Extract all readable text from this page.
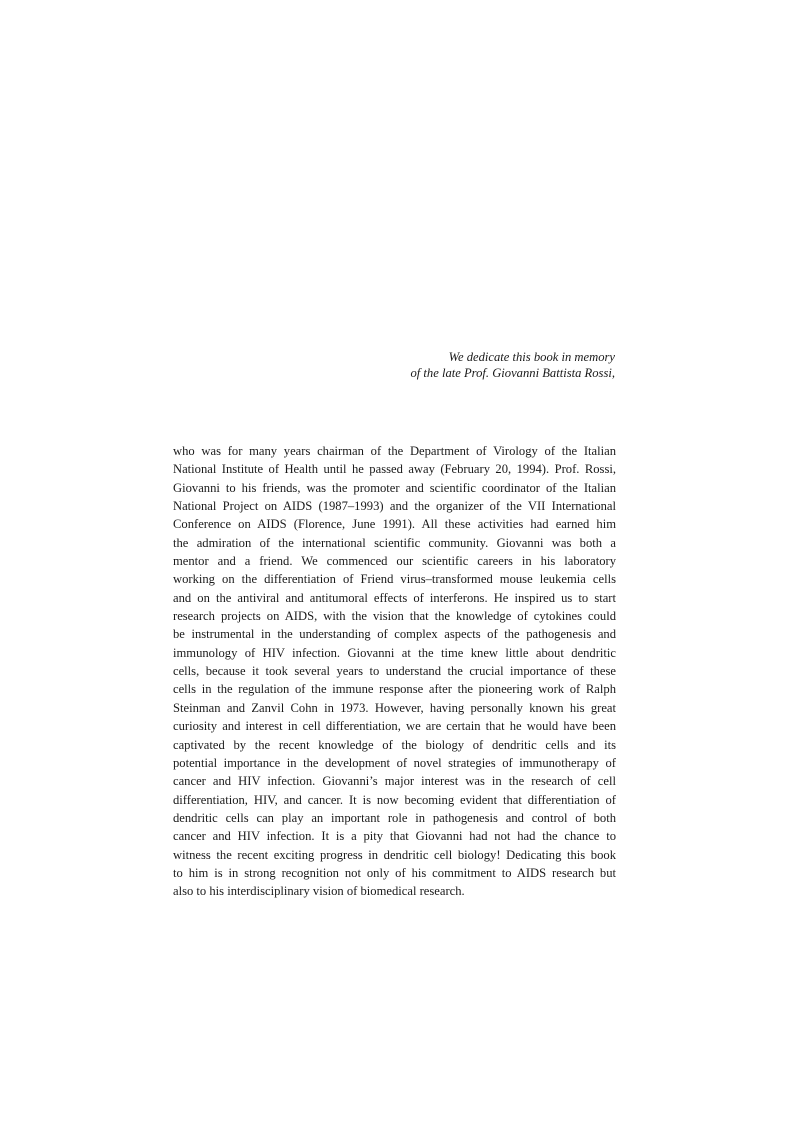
We dedicate this book in memory
of the late Prof. Giovanni Battista Rossi,
who was for many years chairman of the Department of Virology of the Italian
National Institute of Health until he passed away (February 20, 1994). Prof. Rossi,
Giovanni to his friends, was the promoter and scientific coordinator of the Italian
National Project on AIDS (1987–1993) and the organizer of the VII International
Conference on AIDS (Florence, June 1991). All these activities had earned him
the admiration of the international scientific community. Giovanni was both a
mentor and a friend. We commenced our scientific careers in his laboratory
working on the differentiation of Friend virus–transformed mouse leukemia cells
and on the antiviral and antitumoral effects of interferons. He inspired us to start
research projects on AIDS, with the vision that the knowledge of cytokines could
be instrumental in the understanding of complex aspects of the pathogenesis and
immunology of HIV infection. Giovanni at the time knew little about dendritic
cells, because it took several years to understand the crucial importance of these
cells in the regulation of the immune response after the pioneering work of Ralph
Steinman and Zanvil Cohn in 1973. However, having personally known his great
curiosity and interest in cell differentiation, we are certain that he would have been
captivated by the recent knowledge of the biology of dendritic cells and its
potential importance in the development of novel strategies of immunotherapy of
cancer and HIV infection. Giovanni’s major interest was in the research of cell
differentiation, HIV, and cancer. It is now becoming evident that differentiation of
dendritic cells can play an important role in pathogenesis and control of both
cancer and HIV infection. It is a pity that Giovanni had not had the chance to
witness the recent exciting progress in dendritic cell biology! Dedicating this book
to him is in strong recognition not only of his commitment to AIDS research but
also to his interdisciplinary vision of biomedical research.
